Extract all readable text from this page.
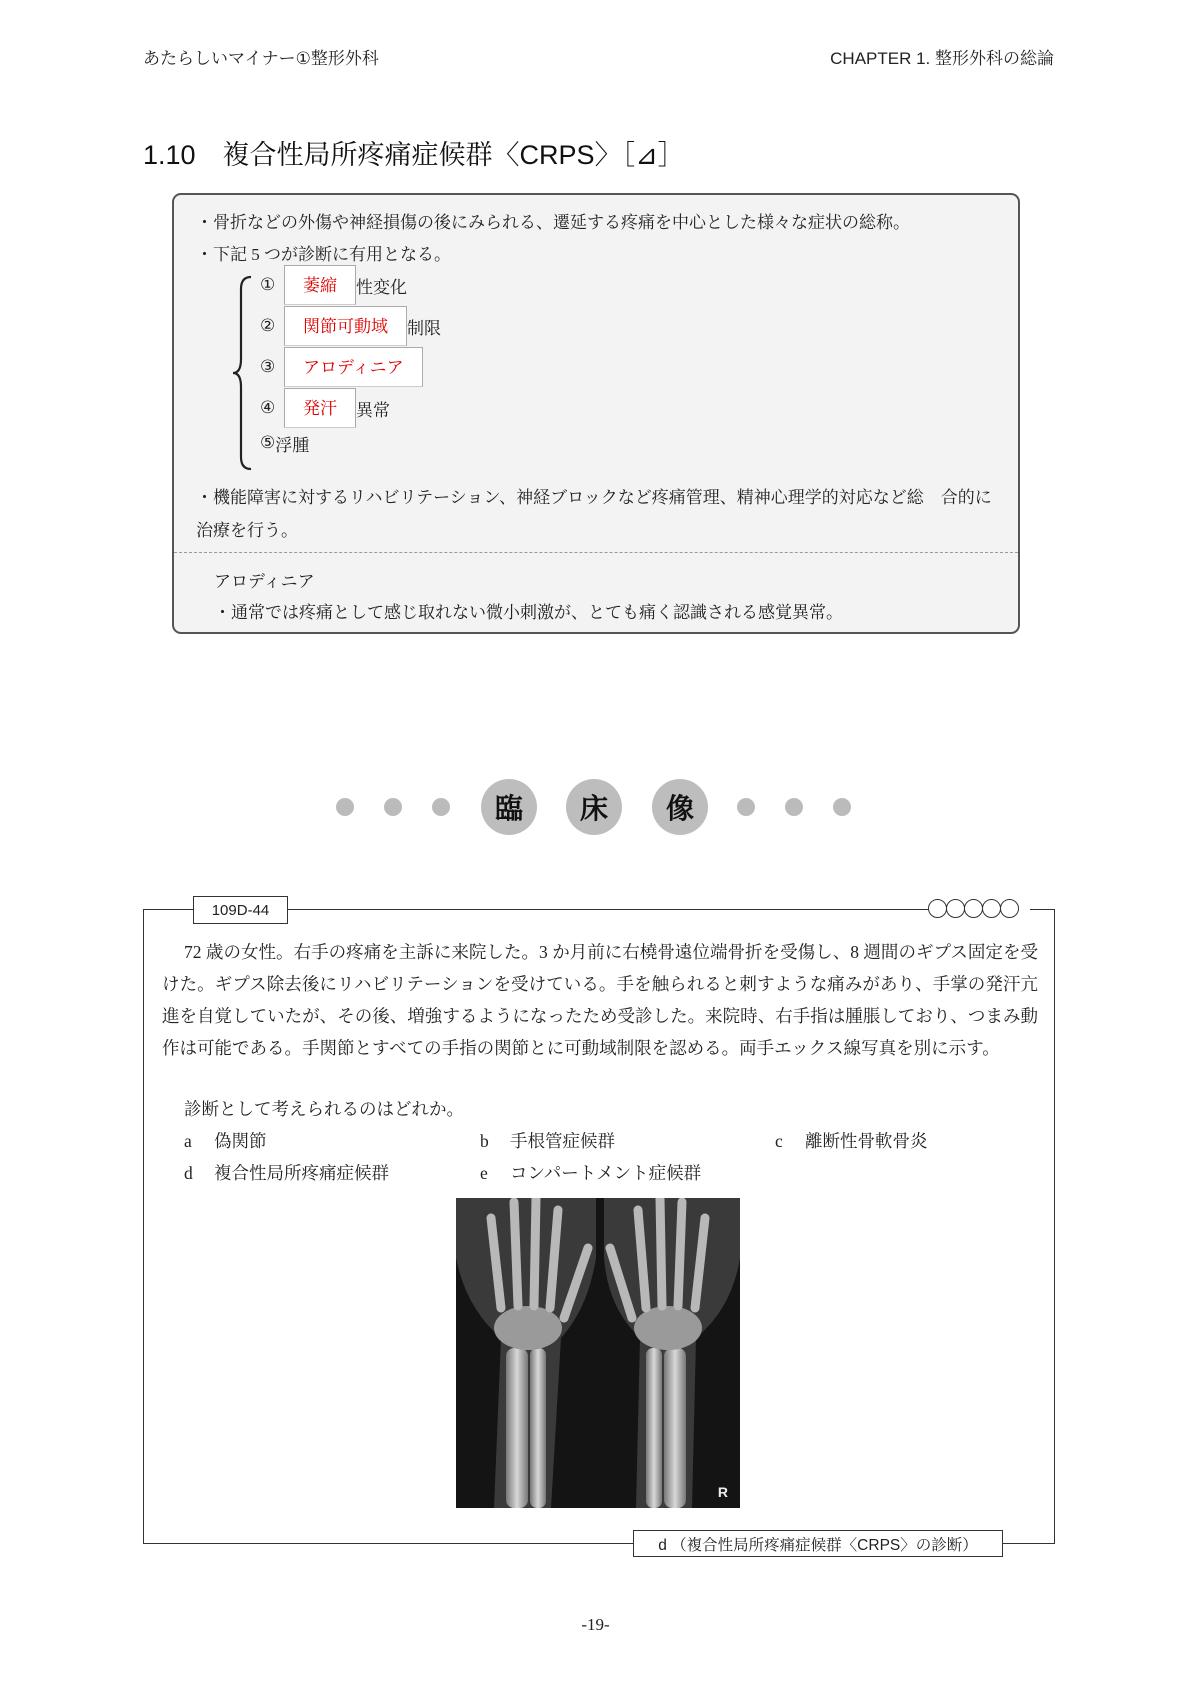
あたらしいマイナー①整形外科	CHAPTER 1. 整形外科の総論
1.10　複合性局所疼痛症候群〈CRPS〉［⊿］
・骨折などの外傷や神経損傷の後にみられる、遷延する疼痛を中心とした様々な症状の総称。
・下記 5 つが診断に有用となる。
①	萎縮	性変化
②	関節可動域	制限
③	アロディニア
④	発汗	異常
⑤ 浮腫
・機能障害に対するリハビリテーション、神経ブロックなど疼痛管理、精神心理学的対応など総　合的に治療を行う。
アロディニア
・通常では疼痛として感じ取れない微小刺激が、とても痛く認識される感覚異常。
臨	床	像
109D-44
72 歳の女性。右手の疼痛を主訴に来院した。3 か月前に右橈骨遠位端骨折を受傷し、8 週間のギプス固定を受けた。ギプス除去後にリハビリテーションを受けている。手を触られると刺すような痛みがあり、手掌の発汗亢進を自覚していたが、その後、増強するようになったため受診した。来院時、右手指は腫脹しており、つまみ動作は可能である。手関節とすべての手指の関節とに可動域制限を認める。両手エックス線写真を別に示す。
診断として考えられるのはどれか。
a 偽関節	b 手根管症候群	c 離断性骨軟骨炎
d 複合性局所疼痛症候群	e コンパートメント症候群
R
d （複合性局所疼痛症候群〈CRPS〉の診断）
-19-
